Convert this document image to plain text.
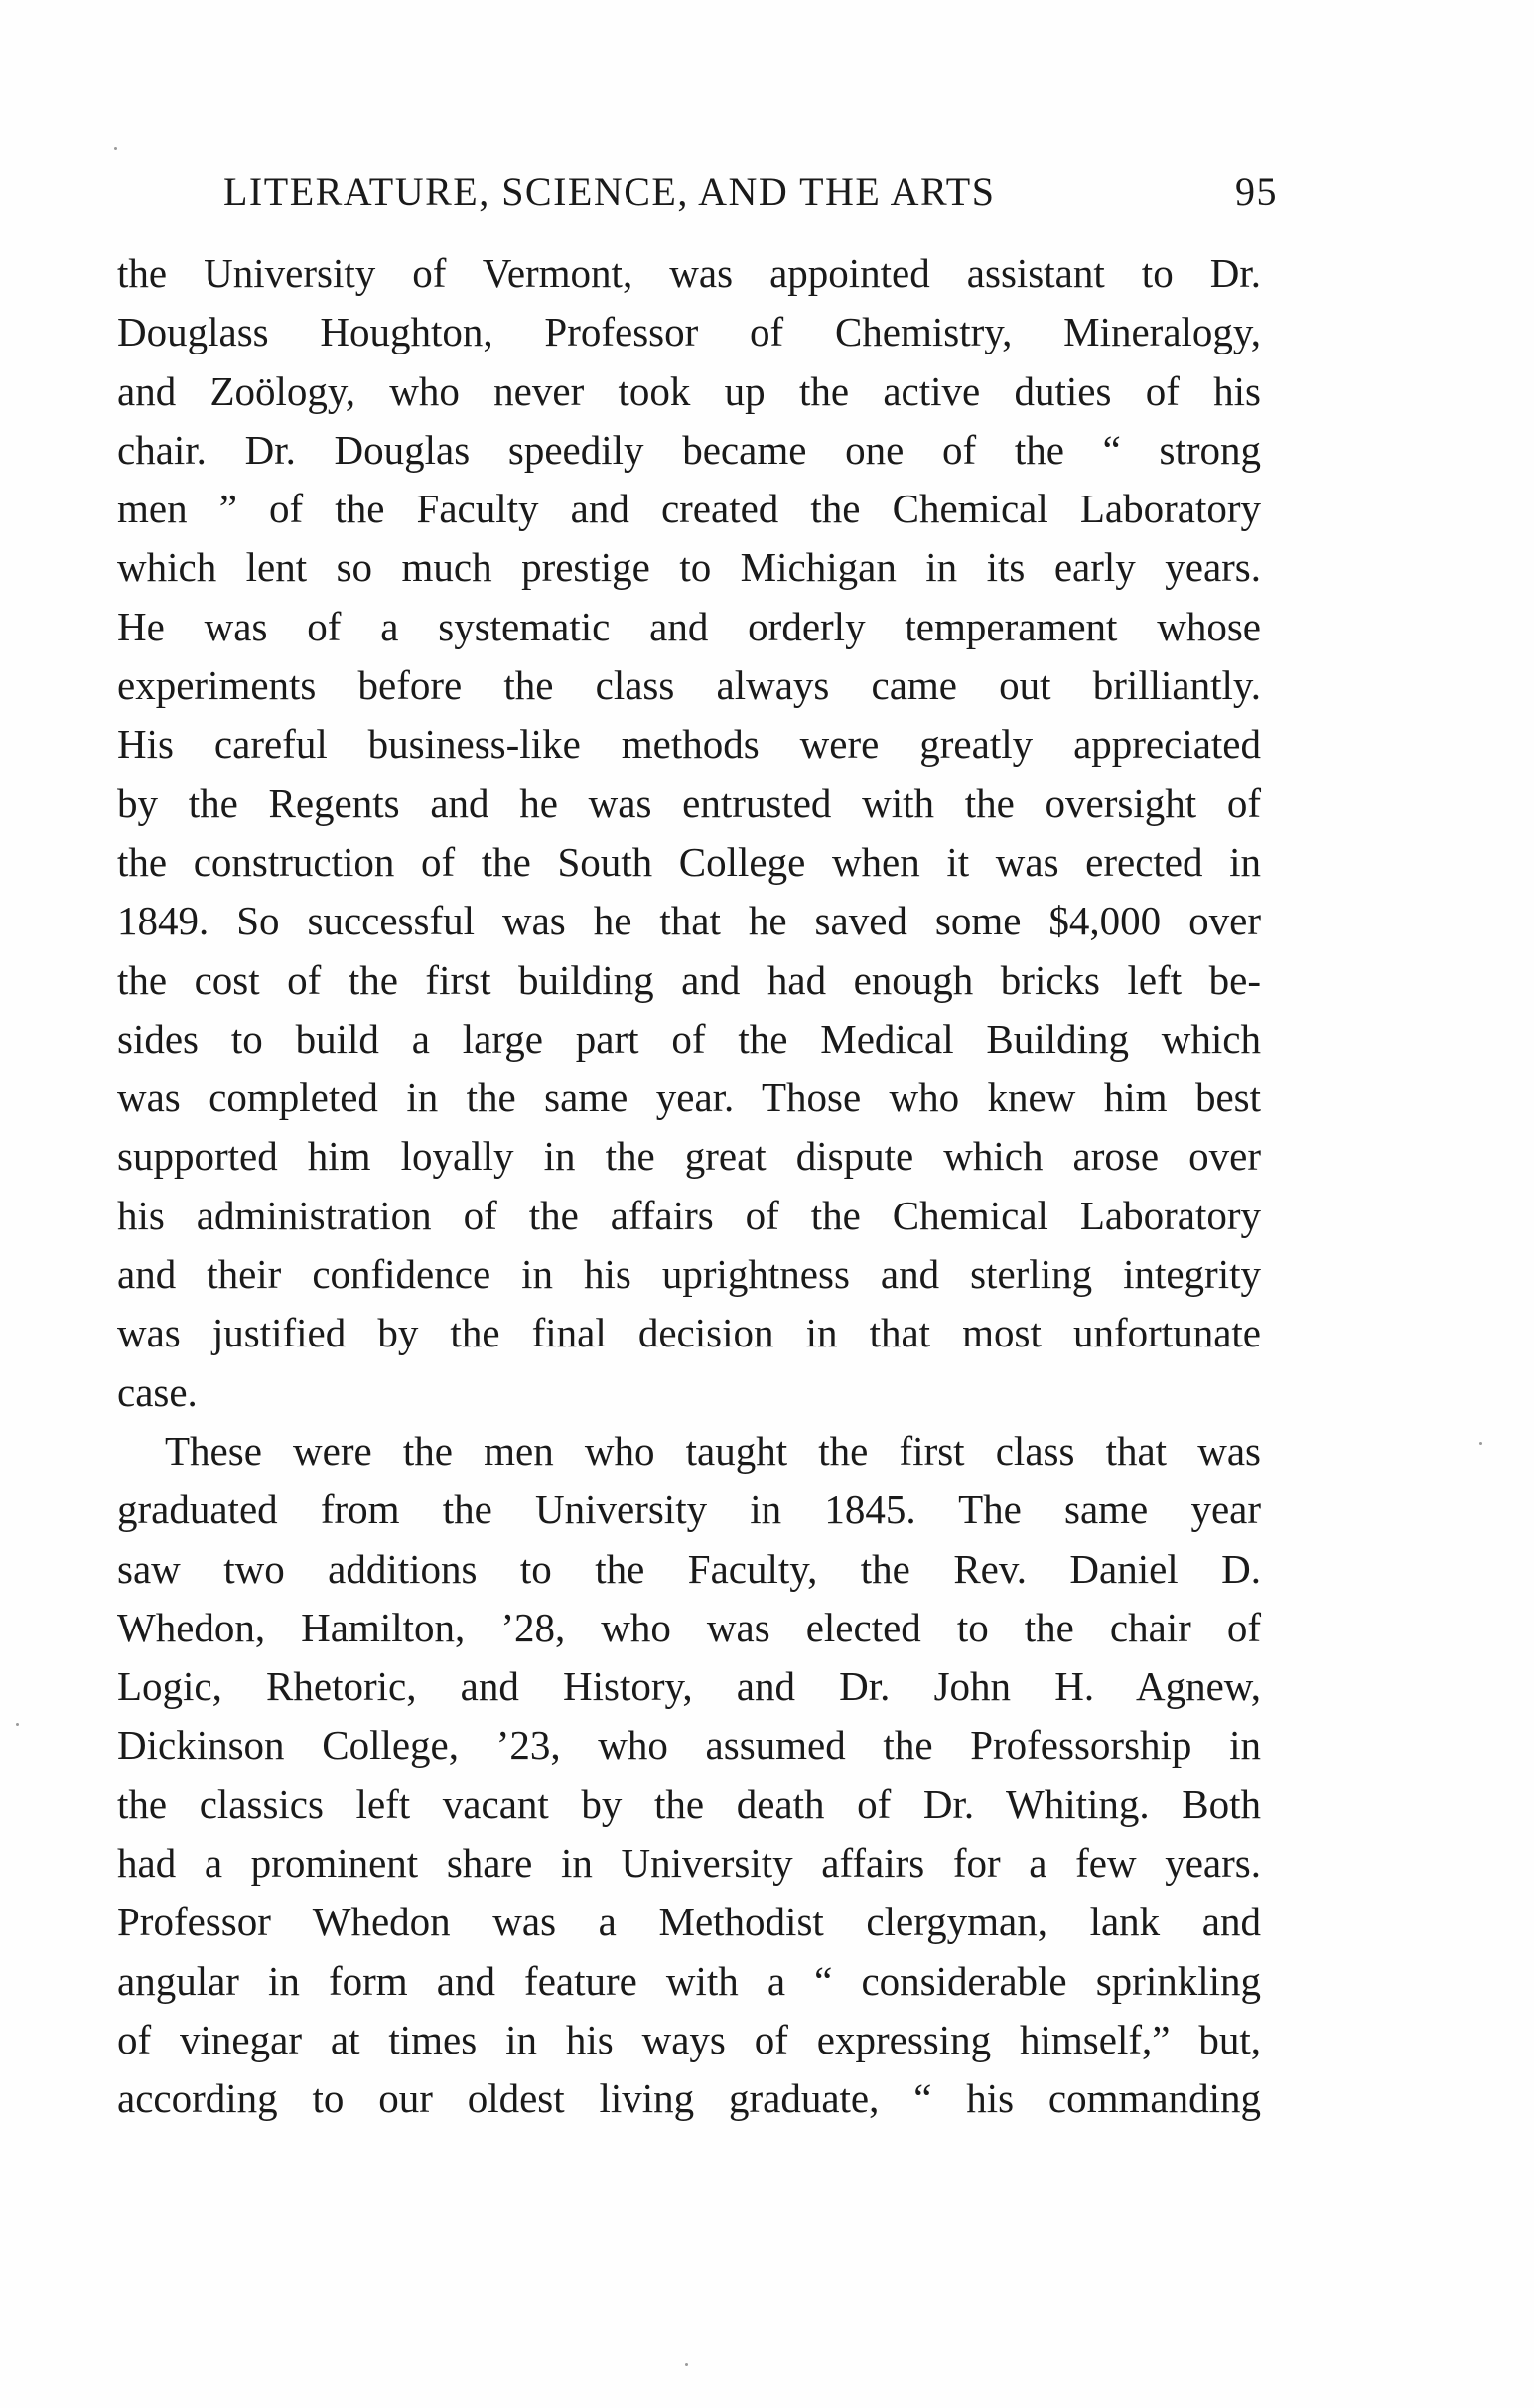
LITERATURE, SCIENCE, AND THE ARTS	95
the University of Vermont, was appointed assistant to Dr.
Douglass Houghton, Professor of Chemistry, Mineralogy,
and Zoölogy, who never took up the active duties of his
chair. Dr. Douglas speedily became one of the “ strong
men ” of the Faculty and created the Chemical Laboratory
which lent so much prestige to Michigan in its early years.
He was of a systematic and orderly temperament whose
experiments before the class always came out brilliantly.
His careful business-like methods were greatly appreciated
by the Regents and he was entrusted with the oversight of
the construction of the South College when it was erected in
1849. So successful was he that he saved some $4,000 over
the cost of the first building and had enough bricks left be-
sides to build a large part of the Medical Building which
was completed in the same year. Those who knew him best
supported him loyally in the great dispute which arose over
his administration of the affairs of the Chemical Laboratory
and their confidence in his uprightness and sterling integrity
was justified by the final decision in that most unfortunate
case.
These were the men who taught the first class that was
graduated from the University in 1845. The same year
saw two additions to the Faculty, the Rev. Daniel D.
Whedon, Hamilton, ’28, who was elected to the chair of
Logic, Rhetoric, and History, and Dr. John H. Agnew,
Dickinson College, ’23, who assumed the Professorship in
the classics left vacant by the death of Dr. Whiting. Both
had a prominent share in University affairs for a few years.
Professor Whedon was a Methodist clergyman, lank and
angular in form and feature with a “ considerable sprinkling
of vinegar at times in his ways of expressing himself,” but,
according to our oldest living graduate, “ his commanding
